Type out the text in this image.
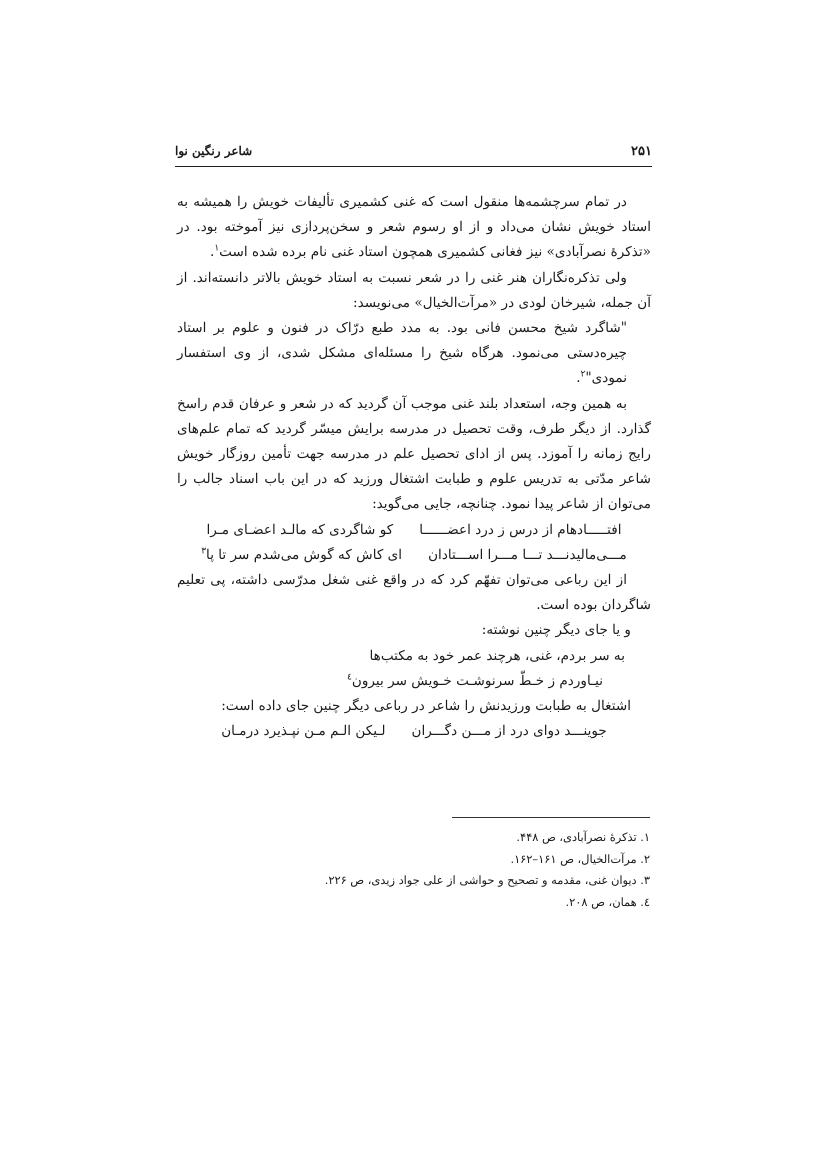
۲۵۱
شاعر رنگین نوا

در تمام سرچشمه‌ها منقول است که غنی کشمیری تألیفات خویش را همیشه به استاد خویش نشان می‌داد و از او رسوم شعر و سخن‌پردازی نیز آموخته بود. در «تذکرۀ نصرآبادی» نیز فغانی کشمیری همچون استاد غنی نام برده شده است$^۱$.

ولی تذکره‌نگاران هنر غنی را در شعر نسبت به استاد خویش بالاتر دانسته‌اند. از آن جمله، شیرخان لودی در «مرآت‌الخیال» می‌نویسد:

"شاگرد شیخ محسن فانی بود. به مدد طبع درّاک در فنون و علوم بر استاد چیره‌دستی می‌نمود. هرگاه شیخ را مسئله‌ای مشکل شدی، از وی استفسار نمودی"$^۲$.

به همین وجه، استعداد بلند غنی موجب آن گردید که در شعر و عرفان قدم راسخ گذارد. از دیگر طرف، وقت تحصیل در مدرسه برایش میسّر گردید که تمام علم‌های رایج زمانه را آموزد. پس از ادای تحصیل علم در مدرسه جهت تأمین روزگار خویش شاعر مدّتی به تدریس علوم و طبابت اشتغال ورزید که در این باب اسناد جالب را می‌توان از شاعر پیدا نمود. چنانچه، جایی می‌گوید:

افتـــــادهام از درس ز درد اعضــــــا
کو شاگردی که مالـد اعضـای مـرا
مـــی‌مالیدنـــد تـــا مـــرا اســـتادان
ای کاش که گوش می‌شدم سر تا پا$^۳$

از این رباعی می‌توان تفهّم کرد که در واقع غنی شغل مدرّسی داشته، پی تعلیم شاگردان بوده است.

و یا جای دیگر چنین نوشته:

به سر بردم، غنی، هرچند عمر خود به مکتب‌ها

نیـاوردم ز خـطّ سرنوشـت خـویش سر بیرون$^٤$

اشتغال به طبابت ورزیدنش را شاعر در رباعی دیگر چنین جای داده است:

جوینـــد دوای درد از مـــن دگـــران
لـیکن الـم مـن نپـذیرد درمـان
۱. تذکرۀ نصرآبادی، ص ۴۴۸.
۲. مرآت‌الخیال، ص ۱۶۱–۱۶۲.
۳. دیوان غنی، مقدمه و تصحیح و حواشی از علی جواد زیدی، ص ۲۲۶.
٤. همان، ص ۲۰۸.
